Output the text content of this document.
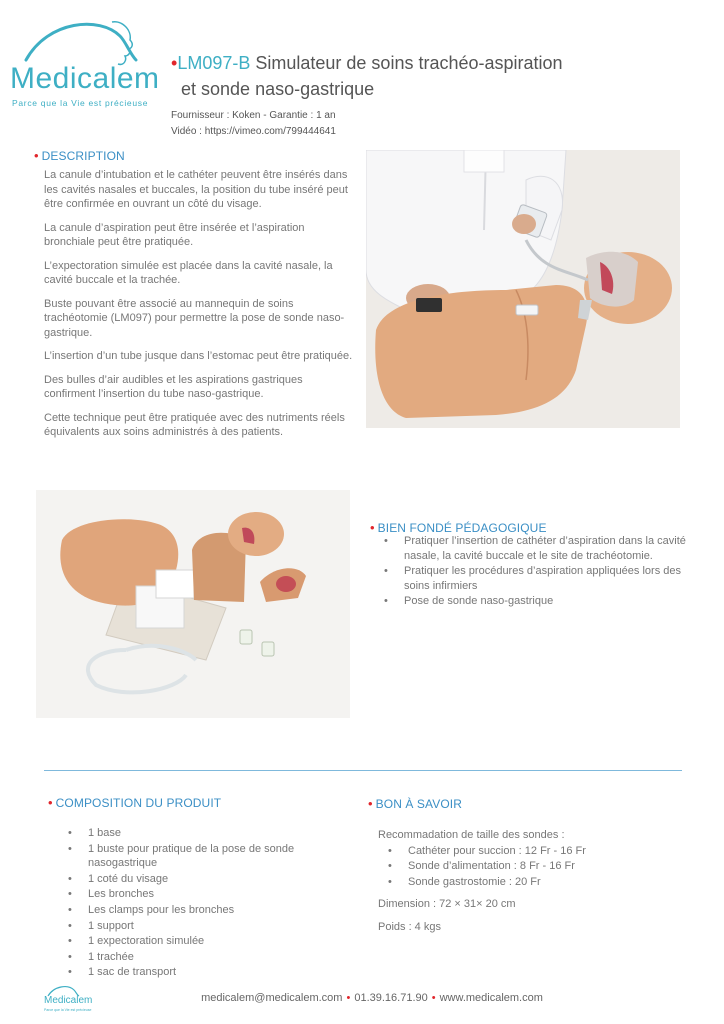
Medicalem
Parce que la Vie est précieuse
•LM097-B Simulateur de soins trachéo-aspiration
et sonde naso-gastrique
Fournisseur : Koken - Garantie : 1 an
Vidéo : https://vimeo.com/799444641
• DESCRIPTION

La canule d’intubation et le cathéter peuvent être insérés dans les cavités nasales et buccales, la position du tube inséré peut être confirmée en ouvrant un côté du visage.

La canule d’aspiration peut être insérée et l’aspiration bronchiale peut être pratiquée.

L’expectoration simulée est placée dans la cavité nasale, la cavité buccale et la trachée.

Buste pouvant être associé au mannequin de soins trachéotomie (LM097) pour permettre la pose de sonde naso-gastrique.

L’insertion d’un tube jusque dans l’estomac peut être pratiquée.

Des bulles d’air audibles et les aspirations gastriques confirment l’insertion du tube naso-gastrique.

Cette technique peut être pratiquée avec des nutriments réels équivalents aux soins administrés à des patients.

• BIEN FONDÉ PÉDAGOGIQUE
• Pratiquer l’insertion de cathéter d’aspiration dans la cavité nasale, la cavité buccale et le site de trachéotomie.
• Pratiquer les procédures d’aspiration appliquées lors des soins infirmiers
• Pose de sonde naso-gastrique
• COMPOSITION DU PRODUIT
• 1 base
• 1 buste pour pratique de la pose de sonde nasogastrique
• 1 coté du visage
• Les bronches
• Les clamps pour les bronches
• 1 support
• 1 expectoration simulée
• 1 trachée
• 1 sac de transport
• BON À SAVOIR
Recommadation de taille des sondes :
• Cathéter pour succion : 12 Fr - 16 Fr
• Sonde d’alimentation : 8 Fr - 16 Fr
• Sonde gastrostomie : 20 Fr
Dimension : 72 × 31× 20 cm
Poids : 4 kgs
Medicalem
Parce que la Vie est précieuse
medicalem@medicalem.com • 01.39.16.71.90 • www.medicalem.com
